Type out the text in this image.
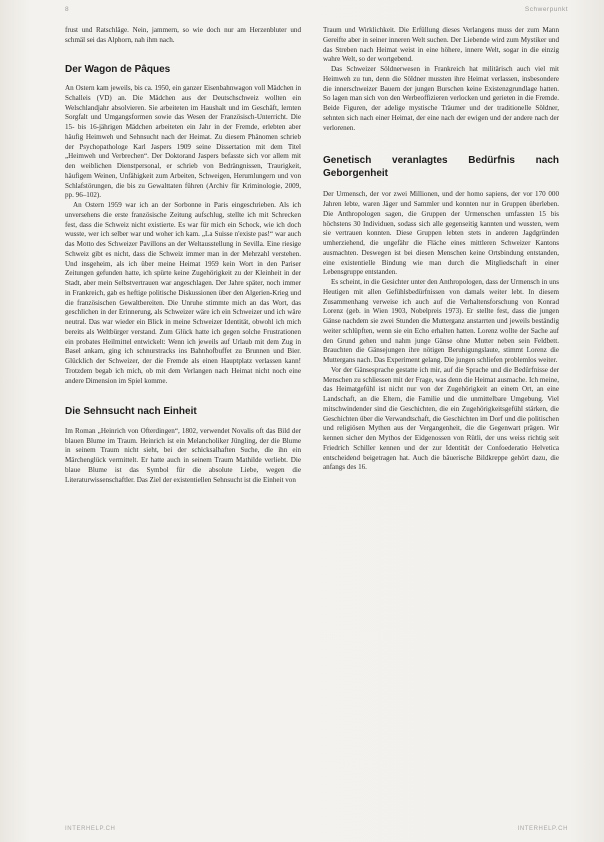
8	Schwerpunkt

frust und Ratschläge. Nein, jammern, so wie doch nur am Herzenbluter und schmäl sei das Alphorn, nah ihm nach.

Der Wagon de Pâques

An Ostern kam jeweils, bis ca. 1950, ein ganzer Eisenbahnwagon voll Mädchen in Schalleis (VD) an. Die Mädchen aus der Deutschschweiz wollten ein Welschlandjahr absolvieren. Sie arbeiteten im Haushalt und im Geschäft, lernten Sorgfalt und Umgangsformen sowie das Wesen der Französisch-Unterricht. Die 15- bis 16-jährigen Mädchen arbeiteten ein Jahr in der Fremde, erlebten aber häufig Heimweh und Sehnsucht nach der Heimat. Zu diesem Phänomen schrieb der Psychopathologe Karl Jaspers 1909 seine Dissertation mit dem Titel „Heimweh und Verbrechen“. Der Doktorand Jaspers befasste sich vor allem mit den weiblichen Dienstpersonal, er schrieb von Bedrängnissen, Traurigkeit, häufigem Weinen, Unfähigkeit zum Arbeiten, Schweigen, Herumlungern und von Schlafstörungen, die bis zu Gewalttaten führen (Archiv für Kriminologie, 2009, pp. 96–102).

An Ostern 1959 war ich an der Sorbonne in Paris eingeschrieben. Als ich unversehens die erste französische Zeitung aufschlug, stellte ich mit Schrecken fest, dass die Schweiz nicht existierte. Es war für mich ein Schock, wie ich doch wusste, wer ich selber war und woher ich kam. „La Suisse n'existe pas!“ war auch das Motto des Schweizer Pavillons an der Weltausstellung in Sevilla. Eine riesige Schweiz gibt es nicht, dass die Schweiz immer man in der Mehrzahl verstehen. Und insgeheim, als ich über meine Heimat 1959 kein Wort in den Pariser Zeitungen gefunden hatte, ich spürte keine Zugehörigkeit zu der Kleinheit in der Stadt, aber mein Selbstvertrauen war angeschlagen. Der Jahre später, noch immer in Frankreich, gab es heftige politische Diskussionen über den Algerien-Krieg und die französischen Gewaltbereiten. Die Unruhe stimmte mich an das Wort, das geschlichen in der Erinnerung, als Schweizer wäre ich ein Schweizer und ich wäre neutral. Das war wieder ein Blick in meine Schweizer Identität, obwohl ich mich bereits als Weltbürger verstand. Zum Glück hatte ich gegen solche Frustrationen ein probates Heilmittel entwickelt: Wenn ich jeweils auf Urlaub mit dem Zug in Basel ankam, ging ich schnurstracks ins Bahnhofbuffet zu Brunnen und Bier. Glücklich der Schweizer, der die Fremde als einen Hauptplatz verlassen kann! Trotzdem begab ich mich, ob mit dem Verlangen nach Heimat nicht noch eine andere Dimension im Spiel komme.

Die Sehnsucht nach Einheit

Im Roman „Heinrich von Ofterdingen“, 1802, verwendet Novalis oft das Bild der blauen Blume im Traum. Heinrich ist ein Melancholiker Jüngling, der die Blume in seinem Traum nicht sieht, bei der schicksalhaften Suche, die ihn ein Märchenglück vermittelt. Er hatte auch in seinem Traum Mathilde verliebt. Die blaue Blume ist das Symbol für die absolute Liebe, wegen die Literaturwissenschaftler. Das Ziel der existentiellen Sehnsucht ist die Einheit von

Traum und Wirklichkeit. Die Erfüllung dieses Verlangens muss der zum Mann Gereifte aber in seiner inneren Welt suchen. Der Liebende wird zum Mystiker und das Streben nach Heimat weist in eine höhere, innere Welt, sogar in die einzig wahre Welt, so der wortgebend.

Das Schweizer Söldnerwesen in Frankreich hat militärisch auch viel mit Heimweh zu tun, denn die Söldner mussten ihre Heimat verlassen, insbesondere die innerschweizer Bauern der jungen Burschen keine Existenzgrundlage hatten. So lagen man sich von den Werbeoffizieren verlocken und gerieten in die Fremde. Beide Figuren, der adelige mystische Träumer und der traditionelle Söldner, sehnten sich nach einer Heimat, der eine nach der ewigen und der andere nach der verlorenen.

Genetisch veranlagtes Bedürfnis nach Geborgenheit

Der Urmensch, der vor zwei Millionen, und der homo sapiens, der vor 170 000 Jahren lebte, waren Jäger und Sammler und konnten nur in Gruppen überleben. Die Anthropologen sagen, die Gruppen der Urmenschen umfassten 15 bis höchstens 30 Individuen, sodass sich alle gegenseitig kannten und wussten, wem sie vertrauen konnten. Diese Gruppen lebten stets in anderen Jagdgründen umherziehend, die ungefähr die Fläche eines mittleren Schweizer Kantons ausmachten. Deswegen ist bei diesen Menschen keine Ortsbindung entstanden, eine existentielle Bindung wie man durch die Mitgliedschaft in einer Lebensgruppe entstanden.

Es scheint, in die Gesichter unter den Anthropologen, dass der Urmensch in uns Heutigen mit allen Gefühlsbedürfnissen von damals weiter lebt. In diesem Zusammenhang verweise ich auch auf die Verhaltensforschung von Konrad Lorenz (geb. in Wien 1903, Nobelpreis 1973). Er stellte fest, dass die jungen Gänse nachdem sie zwei Stunden die Mutterganz anstarrten und jeweils beständig weiter schlüpften, wenn sie ein Echo erhalten hatten. Lorenz wollte der Sache auf den Grund gehen und nahm junge Gänse ohne Mutter neben sein Feldbett. Brauchten die Gänsejungen ihre nötigen Beruhigungslaute, stimmt Lorenz die Muttergans nach. Das Experiment gelang. Die jungen schliefen problemlos weiter.

Vor der Gänsesprache gestatte ich mir, auf die Sprache und die Bedürfnisse der Menschen zu schliessen mit der Frage, was denn die Heimat ausmache. Ich meine, das Heimatgefühl ist nicht nur von der Zugehörigkeit an einem Ort, an eine Landschaft, an die Eltern, die Familie und die unmittelbare Umgebung. Viel mitschwindender sind die Geschichten, die ein Zugehörigkeitsgefühl stärken, die Geschichten über die Verwandtschaft, die Geschichten im Dorf und die politischen und religiösen Mythen aus der Vergangenheit, die die Gegenwart prägen. Wir kennen sicher den Mythos der Eidgenossen von Rütli, der uns weiss richtig seit Friedrich Schiller kennen und der zur Identität der Confoederatio Helvetica entscheidend beigetragen hat. Auch die bäuerische Bildkreppe gehört dazu, die anfangs des 16.

INTERHELP.CH	INTERHELP.CH
